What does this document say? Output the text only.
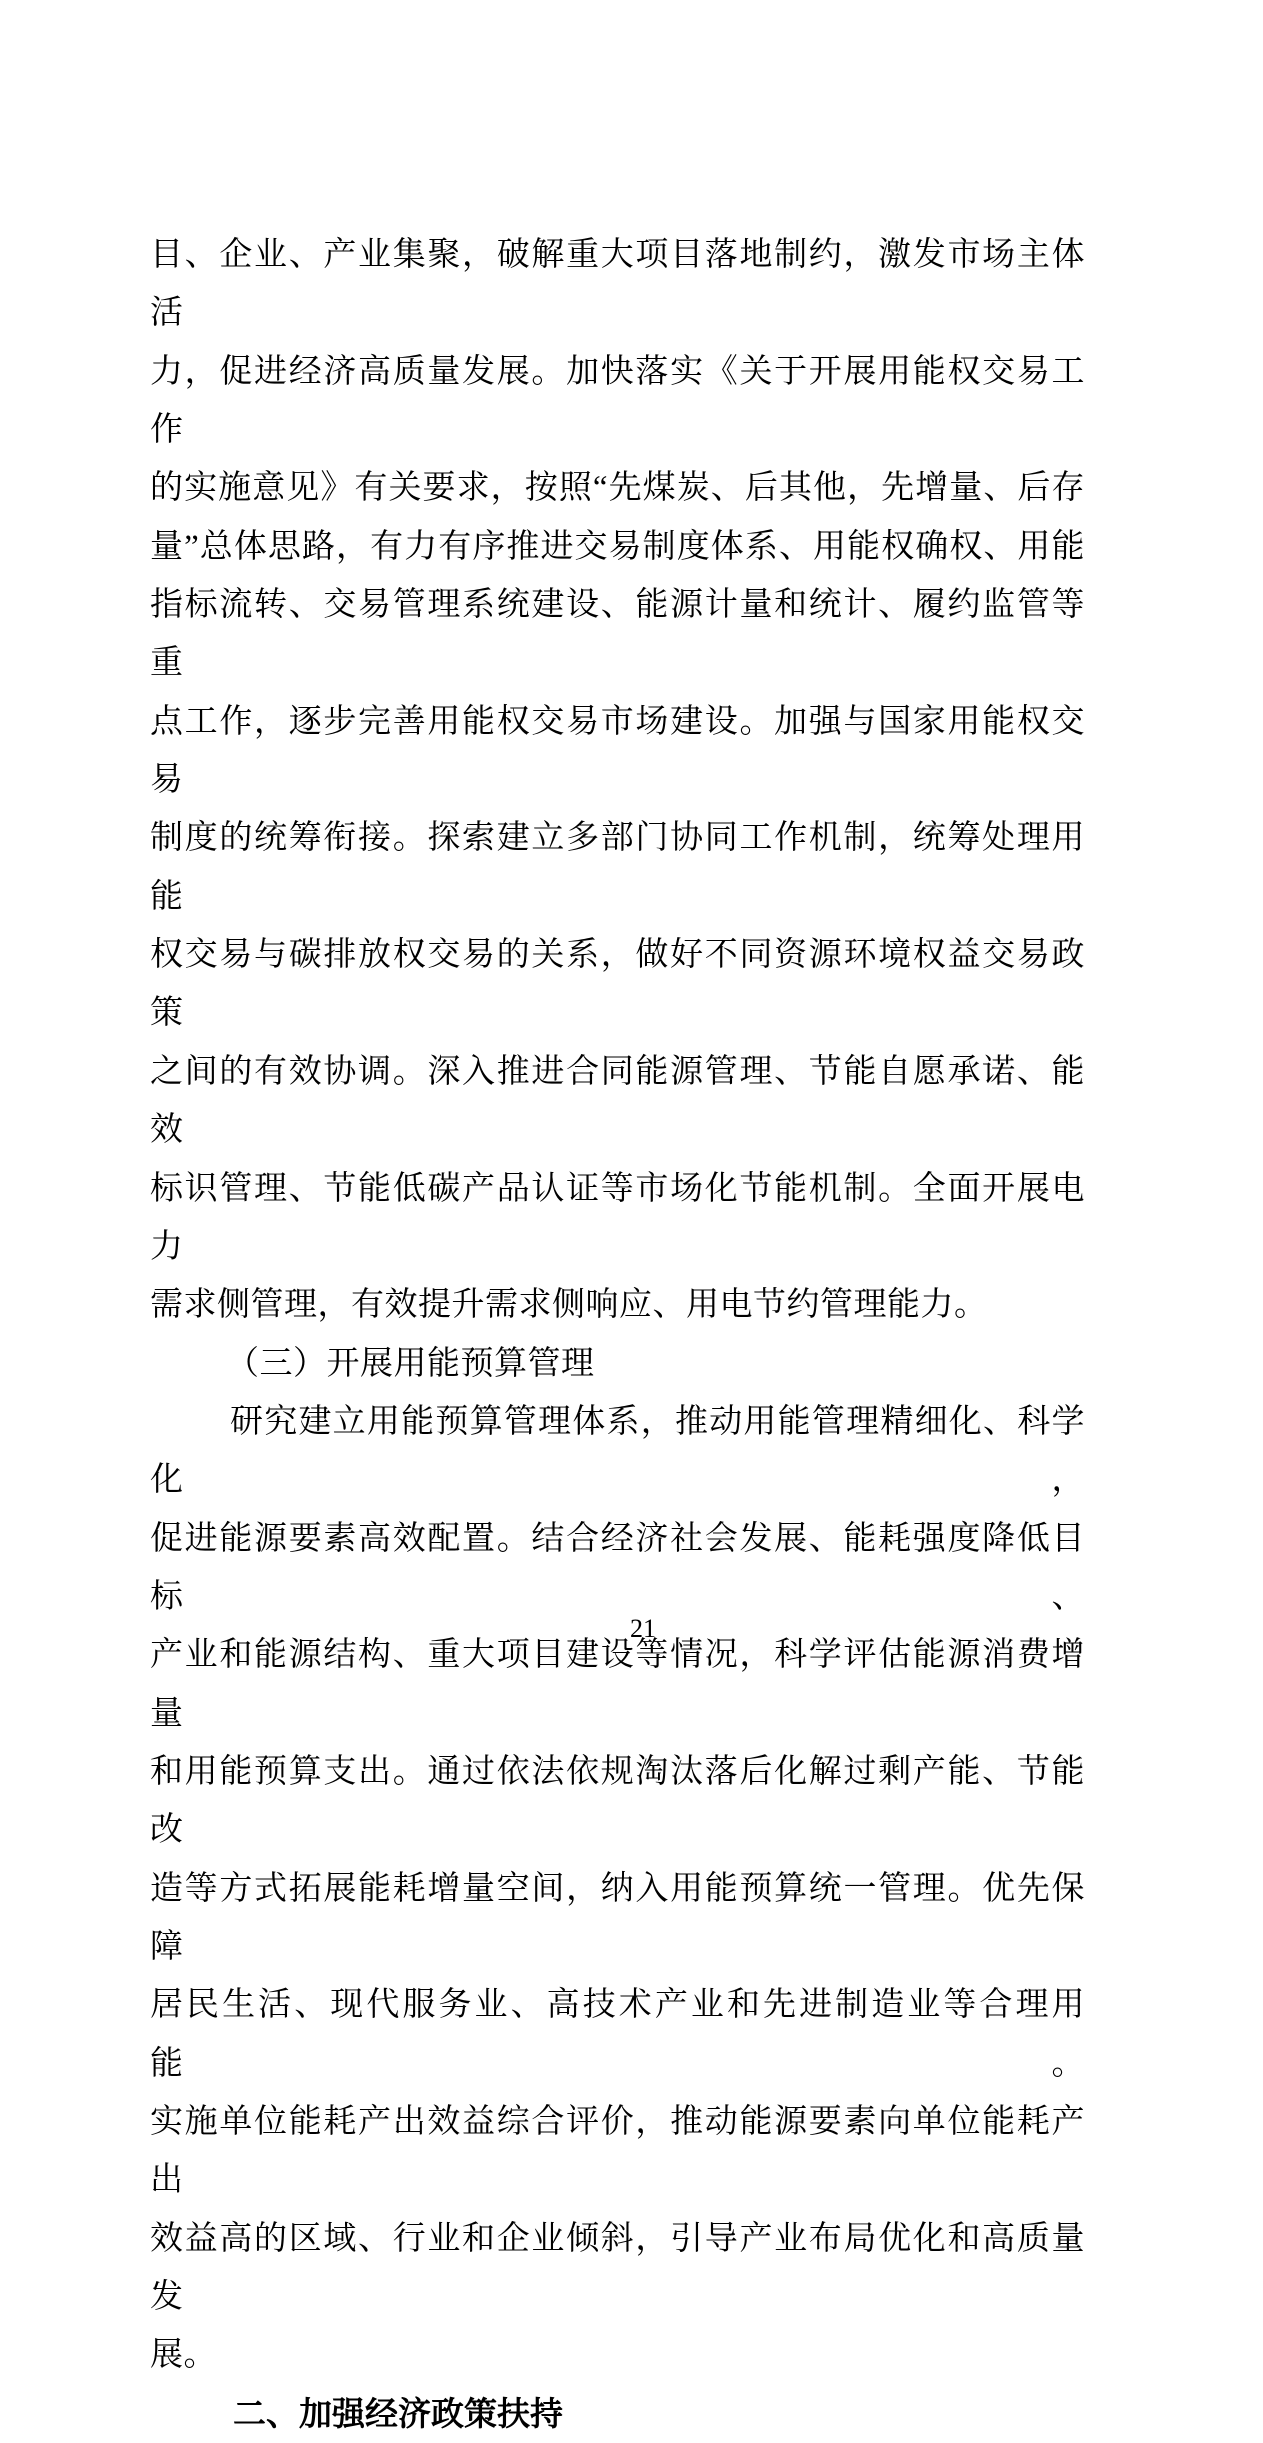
目、企业、产业集聚，破解重大项目落地制约，激发市场主体活
力，促进经济高质量发展。加快落实《关于开展用能权交易工作
的实施意见》有关要求，按照“先煤炭、后其他，先增量、后存
量”总体思路，有力有序推进交易制度体系、用能权确权、用能
指标流转、交易管理系统建设、能源计量和统计、履约监管等重
点工作，逐步完善用能权交易市场建设。加强与国家用能权交易
制度的统筹衔接。探索建立多部门协同工作机制，统筹处理用能
权交易与碳排放权交易的关系，做好不同资源环境权益交易政策
之间的有效协调。深入推进合同能源管理、节能自愿承诺、能效
标识管理、节能低碳产品认证等市场化节能机制。全面开展电力
需求侧管理，有效提升需求侧响应、用电节约管理能力。
（三）开展用能预算管理
研究建立用能预算管理体系，推动用能管理精细化、科学化，
促进能源要素高效配置。结合经济社会发展、能耗强度降低目标、
产业和能源结构、重大项目建设等情况，科学评估能源消费增量
和用能预算支出。通过依法依规淘汰落后化解过剩产能、节能改
造等方式拓展能耗增量空间，纳入用能预算统一管理。优先保障
居民生活、现代服务业、高技术产业和先进制造业等合理用能。
实施单位能耗产出效益综合评价，推动能源要素向单位能耗产出
效益高的区域、行业和企业倾斜，引导产业布局优化和高质量发
展。
二、加强经济政策扶持
21
